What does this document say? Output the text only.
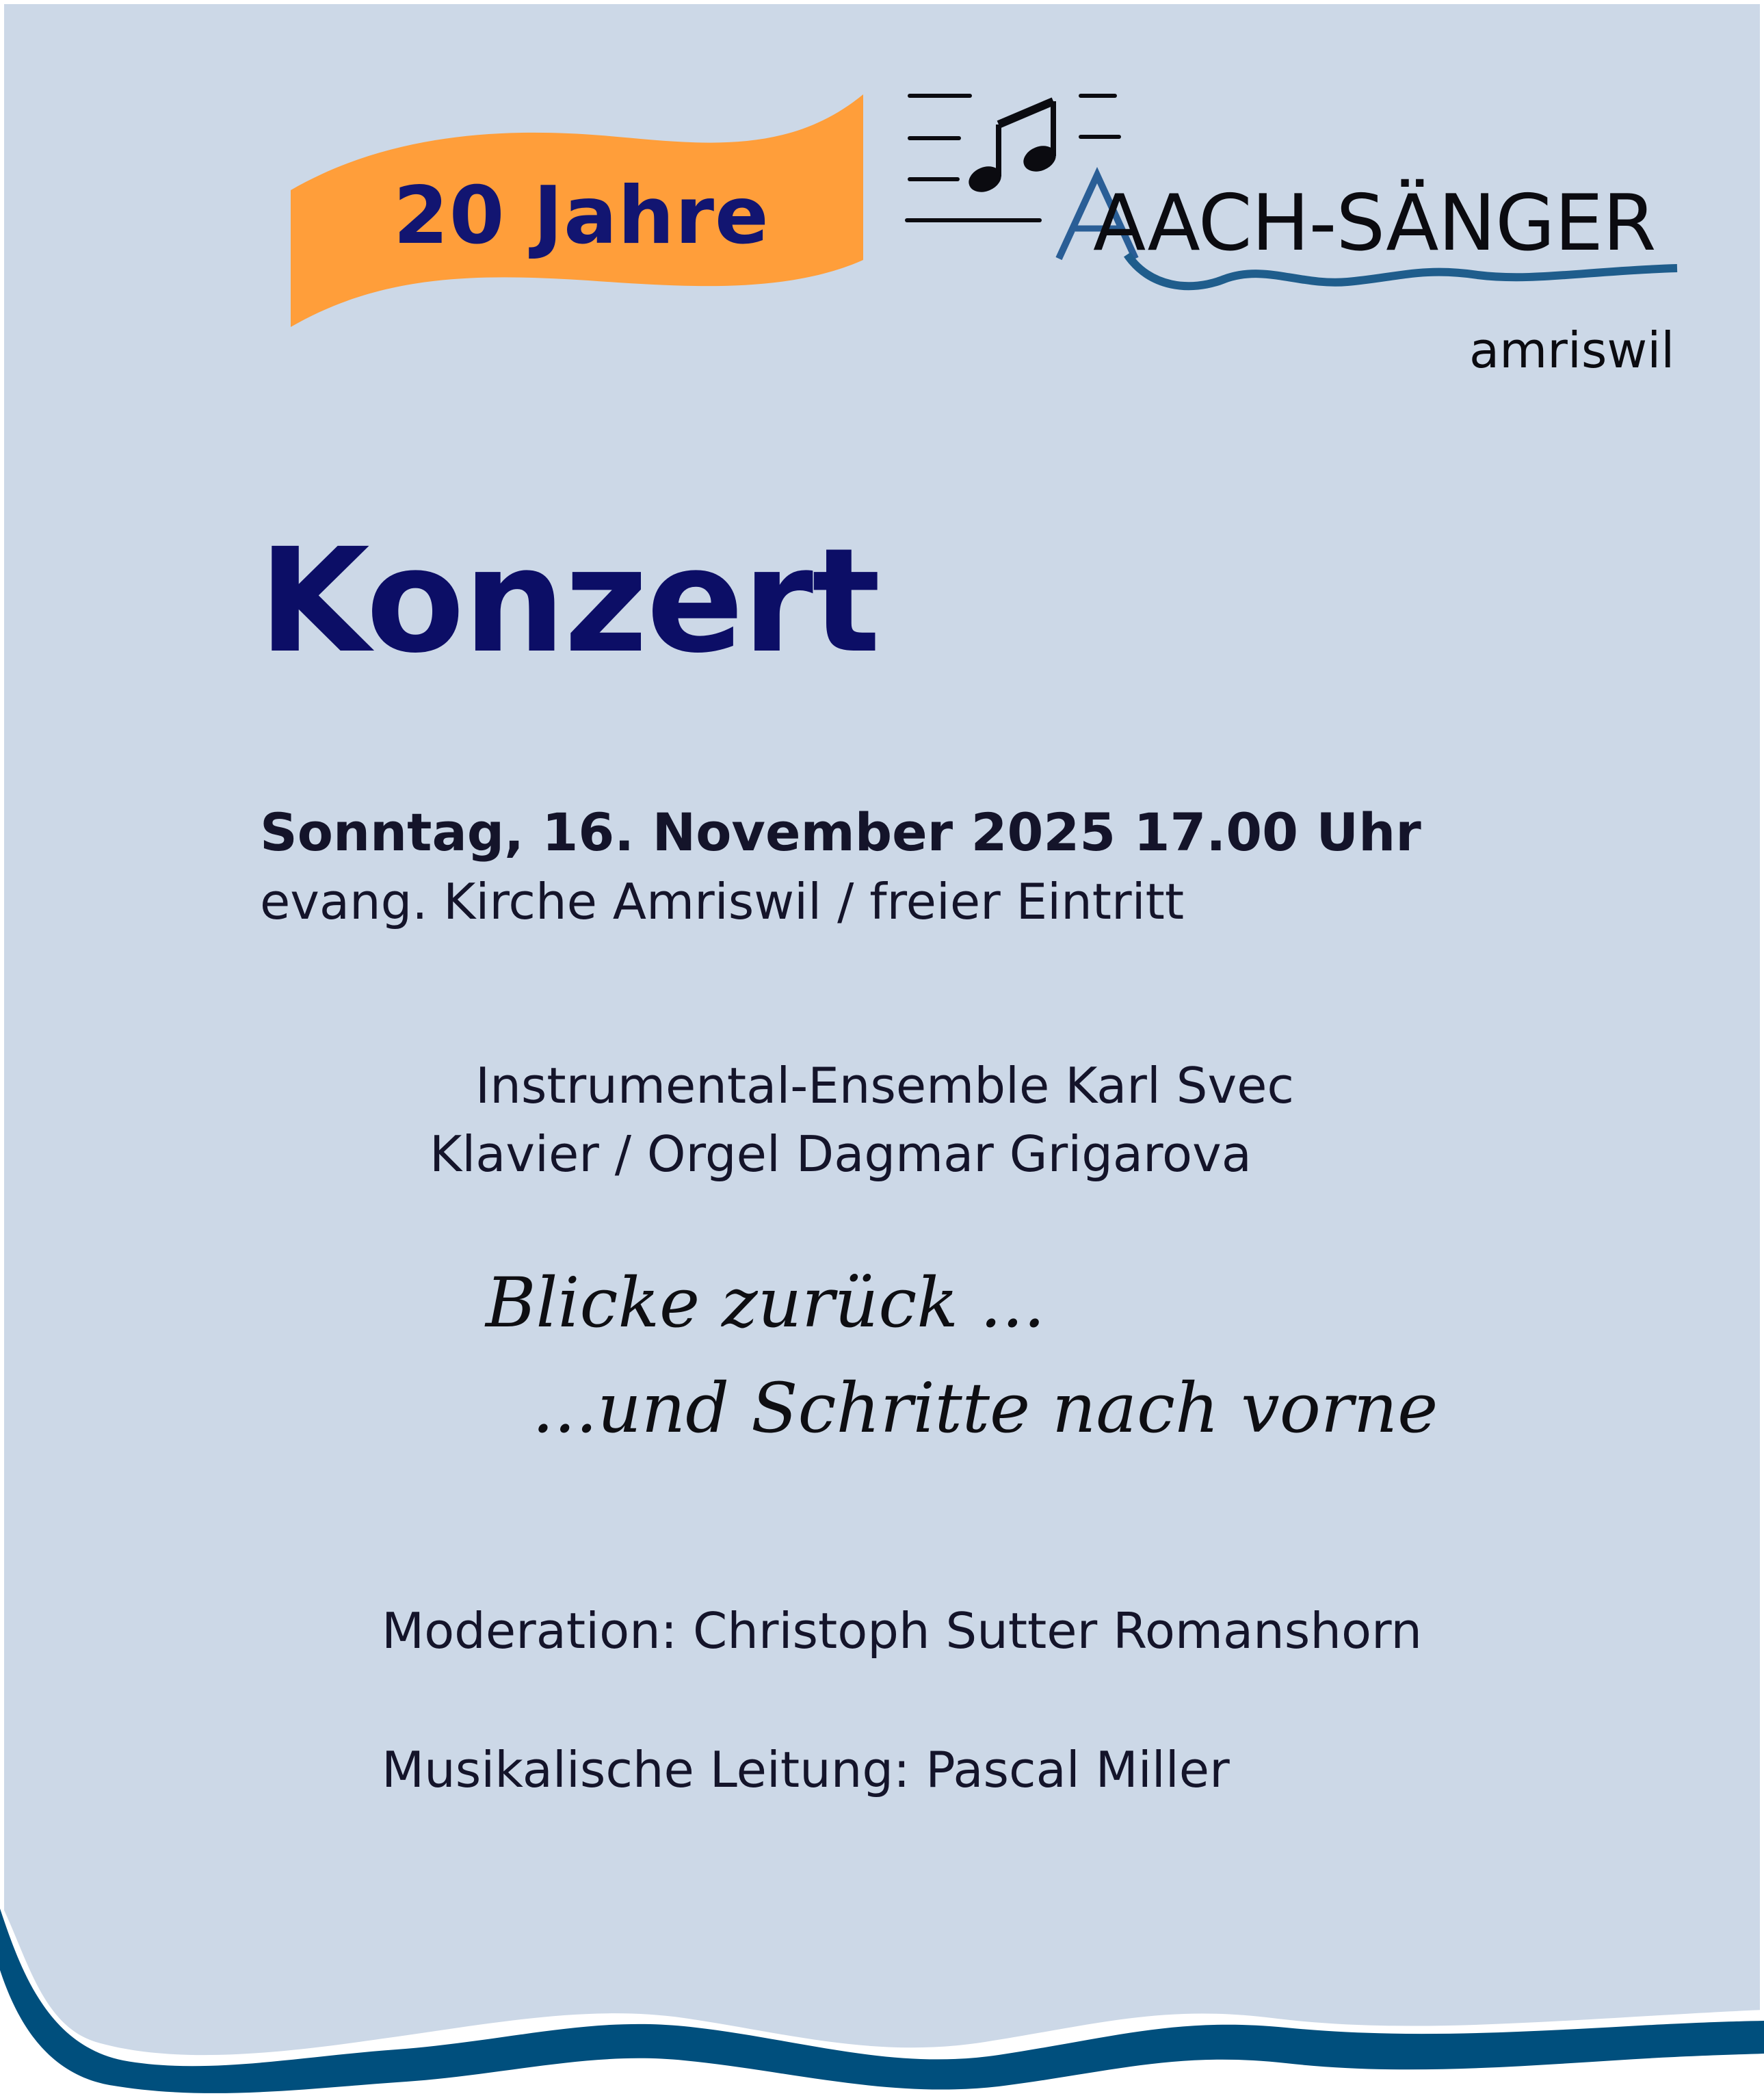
20 Jahre	AACH-SÄNGER

amriswil

Konzert

Sonntag, 16. November 2025 17.00 Uhr

evang. Kirche Amriswil / freier Eintritt

Instrumental-Ensemble Karl Svec

Klavier / Orgel Dagmar Grigarova

Blicke zurück ...

...und Schritte nach vorne

Moderation: Christoph Sutter Romanshorn

Musikalische Leitung: Pascal Miller
